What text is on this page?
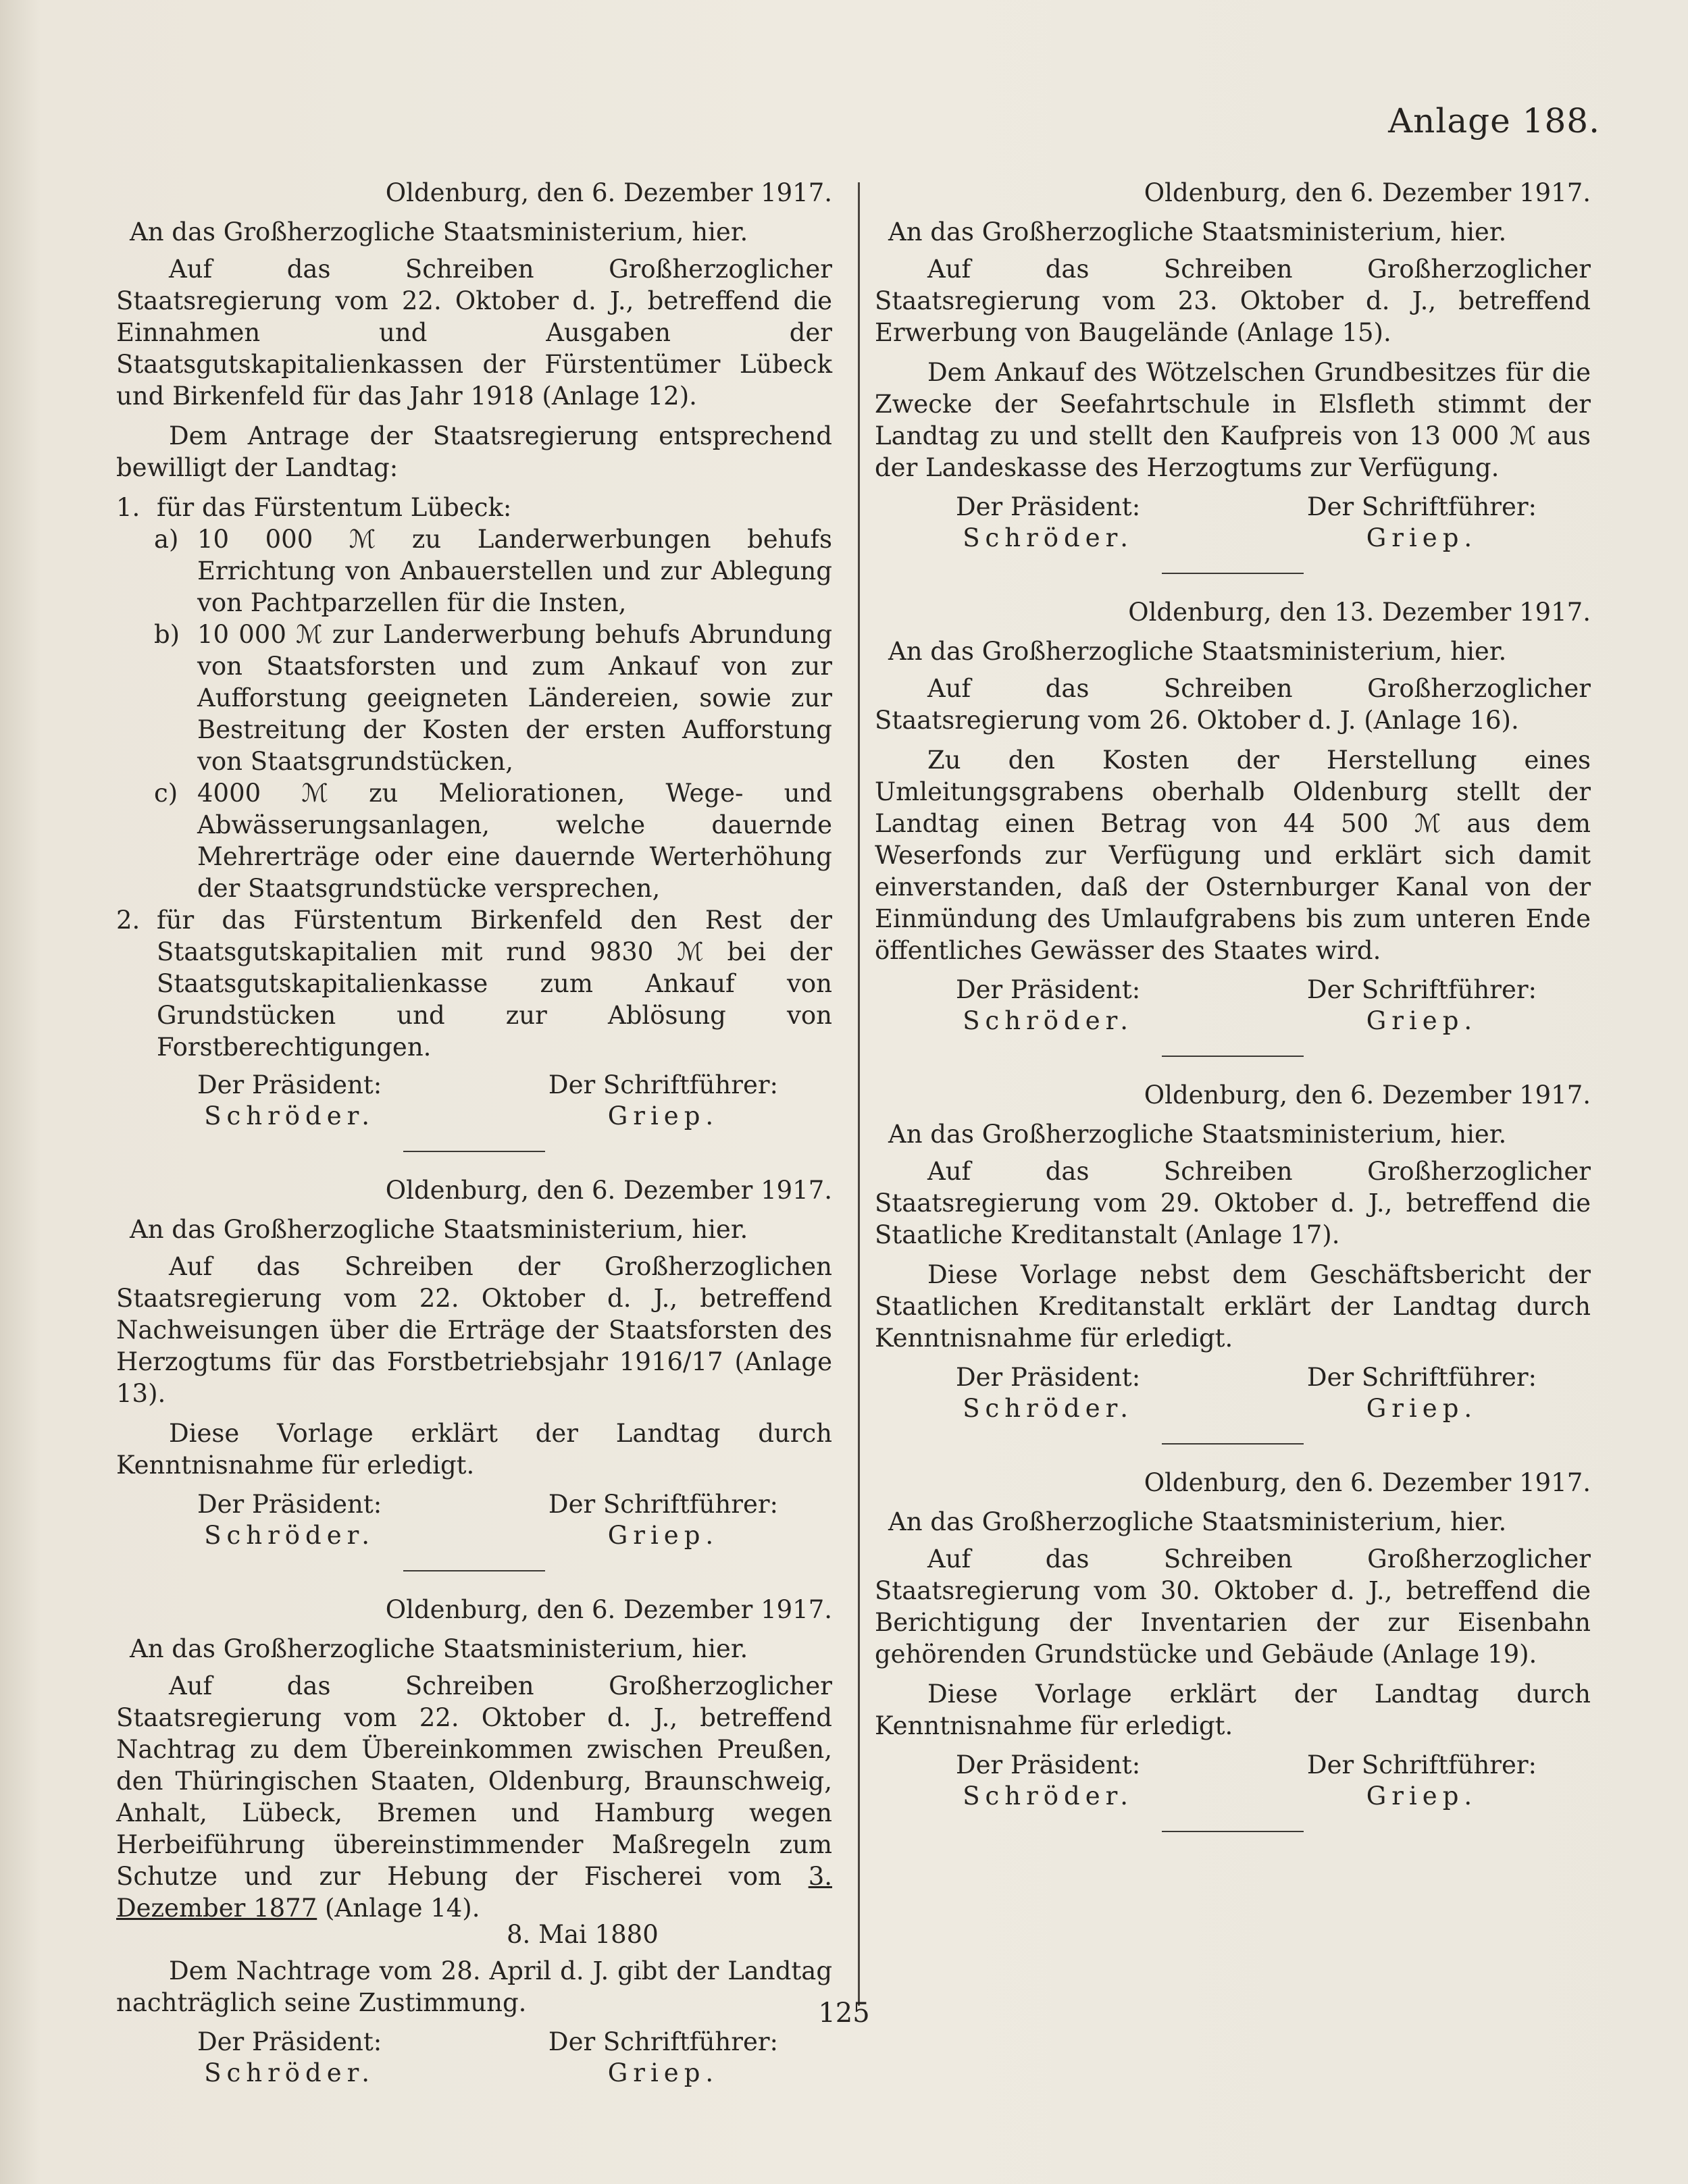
Anlage 188.
Oldenburg, den 6. Dezember 1917.
An das Großherzogliche Staatsministerium, hier.

Auf das Schreiben Großherzoglicher Staatsregierung vom 22. Oktober d. J., betreffend die Einnahmen und Ausgaben der Staatsgutskapitalienkassen der Fürstentümer Lübeck und Birkenfeld für das Jahr 1918 (Anlage 12).

Dem Antrage der Staatsregierung entsprechend bewilligt der Landtag:

1. für das Fürstentum Lübeck:
a) 10 000 ℳ zu Landerwerbungen behufs Errichtung von Anbauerstellen und zur Ablegung von Pachtparzellen für die Insten,
b) 10 000 ℳ zur Landerwerbung behufs Abrundung von Staatsforsten und zum Ankauf von zur Aufforstung geeigneten Ländereien, sowie zur Bestreitung der Kosten der ersten Aufforstung von Staatsgrundstücken,
c) 4000 ℳ zu Meliorationen, Wege- und Abwässerungsanlagen, welche dauernde Mehrerträge oder eine dauernde Werterhöhung der Staatsgrundstücke versprechen,
2. für das Fürstentum Birkenfeld den Rest der Staatsgutskapitalien mit rund 9830 ℳ bei der Staatsgutskapitalienkasse zum Ankauf von Grundstücken und zur Ablösung von Forstberechtigungen.
Der Präsident:
Schröder.
Der Schriftführer:
Griep.
Oldenburg, den 6. Dezember 1917.
An das Großherzogliche Staatsministerium, hier.

Auf das Schreiben der Großherzoglichen Staatsregierung vom 22. Oktober d. J., betreffend Nachweisungen über die Erträge der Staatsforsten des Herzogtums für das Forstbetriebsjahr 1916/17 (Anlage 13).

Diese Vorlage erklärt der Landtag durch Kenntnisnahme für erledigt.

Der Präsident:
Schröder.
Der Schriftführer:
Griep.
Oldenburg, den 6. Dezember 1917.
An das Großherzogliche Staatsministerium, hier.

Auf das Schreiben Großherzoglicher Staatsregierung vom 22. Oktober d. J., betreffend Nachtrag zu dem Übereinkommen zwischen Preußen, den Thüringischen Staaten, Oldenburg, Braunschweig, Anhalt, Lübeck, Bremen und Hamburg wegen Herbeiführung übereinstimmender Maßregeln zum Schutze und zur Hebung der Fischerei vom 3. Dezember 1877 (Anlage 14).

8. Mai 1880

Dem Nachtrage vom 28. April d. J. gibt der Landtag nachträglich seine Zustimmung.

Der Präsident:
Schröder.
Der Schriftführer:
Griep.
Oldenburg, den 6. Dezember 1917.
An das Großherzogliche Staatsministerium, hier.

Auf das Schreiben Großherzoglicher Staatsregierung vom 23. Oktober d. J., betreffend Erwerbung von Baugelände (Anlage 15).

Dem Ankauf des Wötzelschen Grundbesitzes für die Zwecke der Seefahrtschule in Elsfleth stimmt der Landtag zu und stellt den Kaufpreis von 13 000 ℳ aus der Landeskasse des Herzogtums zur Verfügung.

Der Präsident:
Schröder.
Der Schriftführer:
Griep.
Oldenburg, den 13. Dezember 1917.
An das Großherzogliche Staatsministerium, hier.

Auf das Schreiben Großherzoglicher Staatsregierung vom 26. Oktober d. J. (Anlage 16).

Zu den Kosten der Herstellung eines Umleitungsgrabens oberhalb Oldenburg stellt der Landtag einen Betrag von 44 500 ℳ aus dem Weserfonds zur Verfügung und erklärt sich damit einverstanden, daß der Osternburger Kanal von der Einmündung des Umlaufgrabens bis zum unteren Ende öffentliches Gewässer des Staates wird.

Der Präsident:
Schröder.
Der Schriftführer:
Griep.
Oldenburg, den 6. Dezember 1917.
An das Großherzogliche Staatsministerium, hier.

Auf das Schreiben Großherzoglicher Staatsregierung vom 29. Oktober d. J., betreffend die Staatliche Kreditanstalt (Anlage 17).

Diese Vorlage nebst dem Geschäftsbericht der Staatlichen Kreditanstalt erklärt der Landtag durch Kenntnisnahme für erledigt.

Der Präsident:
Schröder.
Der Schriftführer:
Griep.
Oldenburg, den 6. Dezember 1917.
An das Großherzogliche Staatsministerium, hier.

Auf das Schreiben Großherzoglicher Staatsregierung vom 30. Oktober d. J., betreffend die Berichtigung der Inventarien der zur Eisenbahn gehörenden Grundstücke und Gebäude (Anlage 19).

Diese Vorlage erklärt der Landtag durch Kenntnisnahme für erledigt.

Der Präsident:
Schröder.
Der Schriftführer:
Griep.
125
